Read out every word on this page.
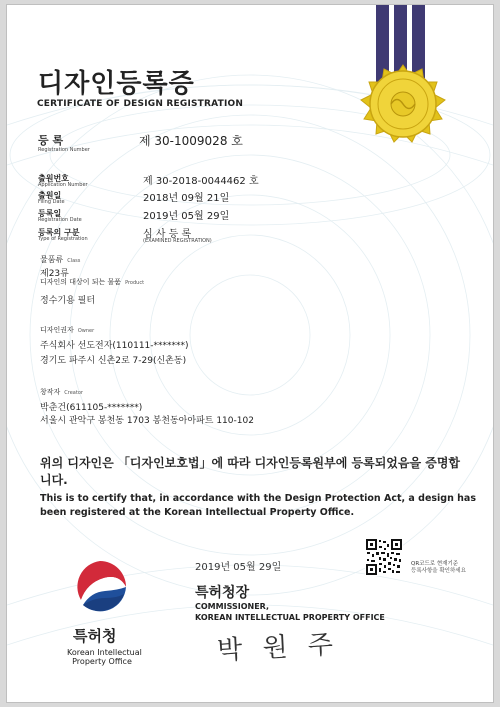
디자인등록증
CERTIFICATE OF DESIGN REGISTRATION
등 록
Registration Number
제 30-1009028 호
출원번호
Application Number	제 30-2018-0044462 호
출원일
Filing Date	2018년 09월 21일
등록일
Registration Date	2019년 05월 29일
등록의 구분
Type of Registration	심 사 등 록
(EXAMINED REGISTRATION)
물품류 Class
제23류
디자인의 대상이 되는 물품 Product
정수기용 필터
디자인권자 Owner
주식회사 선도전자(110111-*******)
경기도 파주시 신촌2로 7-29(신촌동)
창작자 Creator
박춘건(611105-*******)
서울시 관악구 봉천동 1703 봉천동아아파트 110-102
위의 디자인은 「디자인보호법」에 따라 디자인등록원부에 등록되었음을 증명합니다.
This is to certify that, in accordance with the Design Protection Act, a design has been registered at the Korean Intellectual Property Office.
2019년 05월 29일	QR코드로 현재기준
등록사항을 확인하세요
특허청
Korean Intellectual
Property Office
특허청장
COMMISSIONER,
KOREAN INTELLECTUAL PROPERTY OFFICE
박 원 주
